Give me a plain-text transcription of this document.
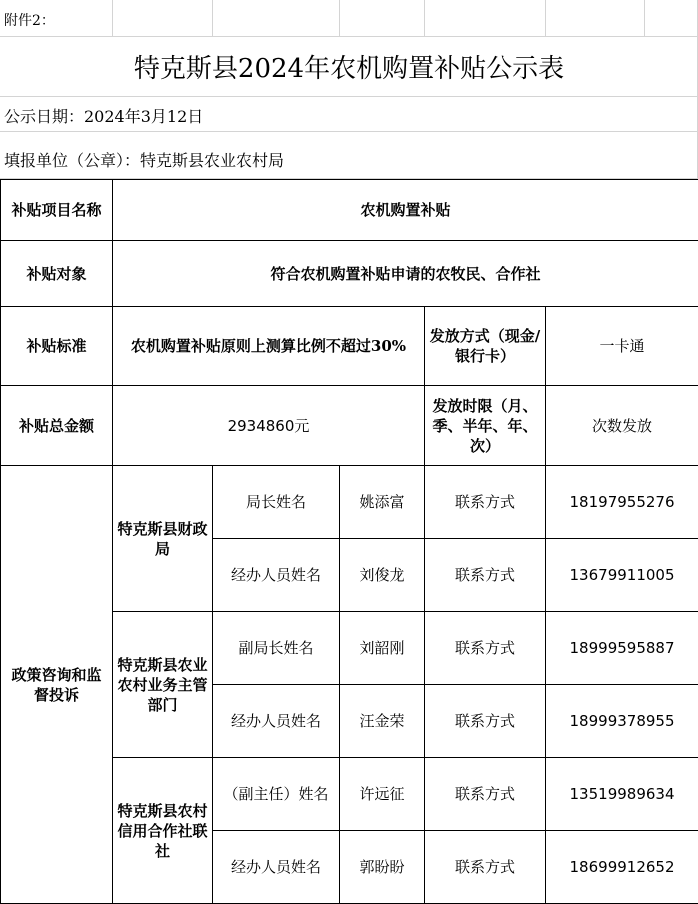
附件2：
特克斯县2024年农机购置补贴公示表
公示日期：2024年3月12日
填报单位（公章）：特克斯县农业农村局
补贴项目名称	农机购置补贴				
补贴对象	符合农机购置补贴申请的农牧民、合作社				
补贴标准	农机购置补贴原则上测算比例不超过30%			发放方式（现金/银行卡）	一卡通
补贴总金额	2934860元			发放时限（月、季、半年、年、次）	次数发放
政策咨询和监督投诉	特克斯县财政局	局长姓名	姚添富	联系方式	18197955276
		经办人员姓名	刘俊龙	联系方式	13679911005
	特克斯县农业农村业务主管部门	副局长姓名	刘韶刚	联系方式	18999595887
		经办人员姓名	汪金荣	联系方式	18999378955
	特克斯县农村信用合作社联社	（副主任）姓名	许远征	联系方式	13519989634
		经办人员姓名	郭盼盼	联系方式	18699912652
